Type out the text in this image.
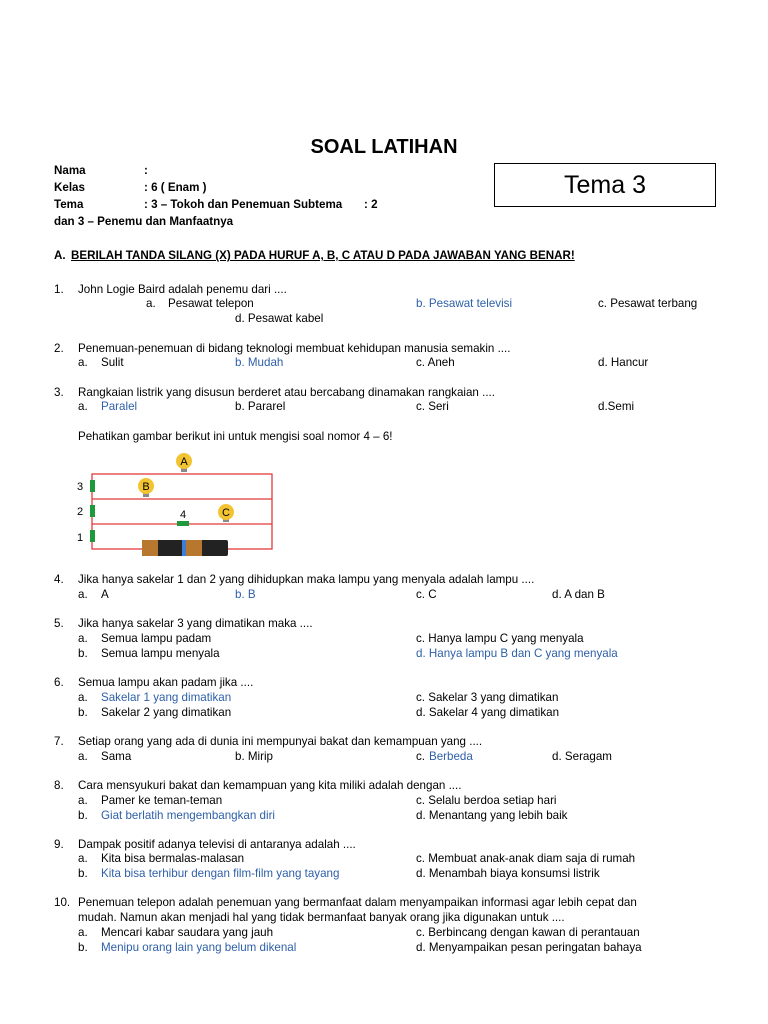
SOAL LATIHAN
Tema 3
Nama	:
Kelas	: 6 ( Enam )
Tema	: 3 – Tokoh dan Penemuan Subtema : 2
dan 3 – Penemu dan Manfaatnya
A. BERILAH TANDA SILANG (X) PADA HURUF A, B, C ATAU D PADA JAWABAN YANG BENAR!
1. John Logie Baird adalah penemu dari ....
a. Pesawat telepon	b. Pesawat televisi	c. Pesawat terbang
d. Pesawat kabel
2. Penemuan-penemuan di bidang teknologi membuat kehidupan manusia semakin ....
a. Sulit	b. Mudah	c. Aneh	d. Hancur
3. Rangkaian listrik yang disusun berderet atau bercabang dinamakan rangkaian ....
a. Paralel	b. Pararel	c. Seri	d.Semi
Pehatikan gambar berikut ini untuk mengisi soal nomor 4 – 6!
A
B
C
3
2
1
4
4. Jika hanya sakelar 1 dan 2 yang dihidupkan maka lampu yang menyala adalah lampu ....
a. A	b. B	c. C	d. A dan B
5. Jika hanya sakelar 3 yang dimatikan maka ....
a. Semua lampu padam	c. Hanya lampu C yang menyala
b. Semua lampu menyala	d. Hanya lampu B dan C yang menyala
6. Semua lampu akan padam jika ....
a. Sakelar 1 yang dimatikan	c. Sakelar 3 yang dimatikan
b. Sakelar 2 yang dimatikan	d. Sakelar 4 yang dimatikan
7. Setiap orang yang ada di dunia ini mempunyai bakat dan kemampuan yang ....
a. Sama	b. Mirip	c. Berbeda	d. Seragam
8. Cara mensyukuri bakat dan kemampuan yang kita miliki adalah dengan ....
a. Pamer ke teman-teman	c. Selalu berdoa setiap hari
b. Giat berlatih mengembangkan diri	d. Menantang yang lebih baik
9. Dampak positif adanya televisi di antaranya adalah ....
a. Kita bisa bermalas-malasan	c. Membuat anak-anak diam saja di rumah
b. Kita bisa terhibur dengan film-film yang tayang	d. Menambah biaya konsumsi listrik
10. Penemuan telepon adalah penemuan yang bermanfaat dalam menyampaikan informasi agar lebih cepat dan
mudah. Namun akan menjadi hal yang tidak bermanfaat banyak orang jika digunakan untuk ....
a. Mencari kabar saudara yang jauh	c. Berbincang dengan kawan di perantauan
b. Menipu orang lain yang belum dikenal	d. Menyampaikan pesan peringatan bahaya
